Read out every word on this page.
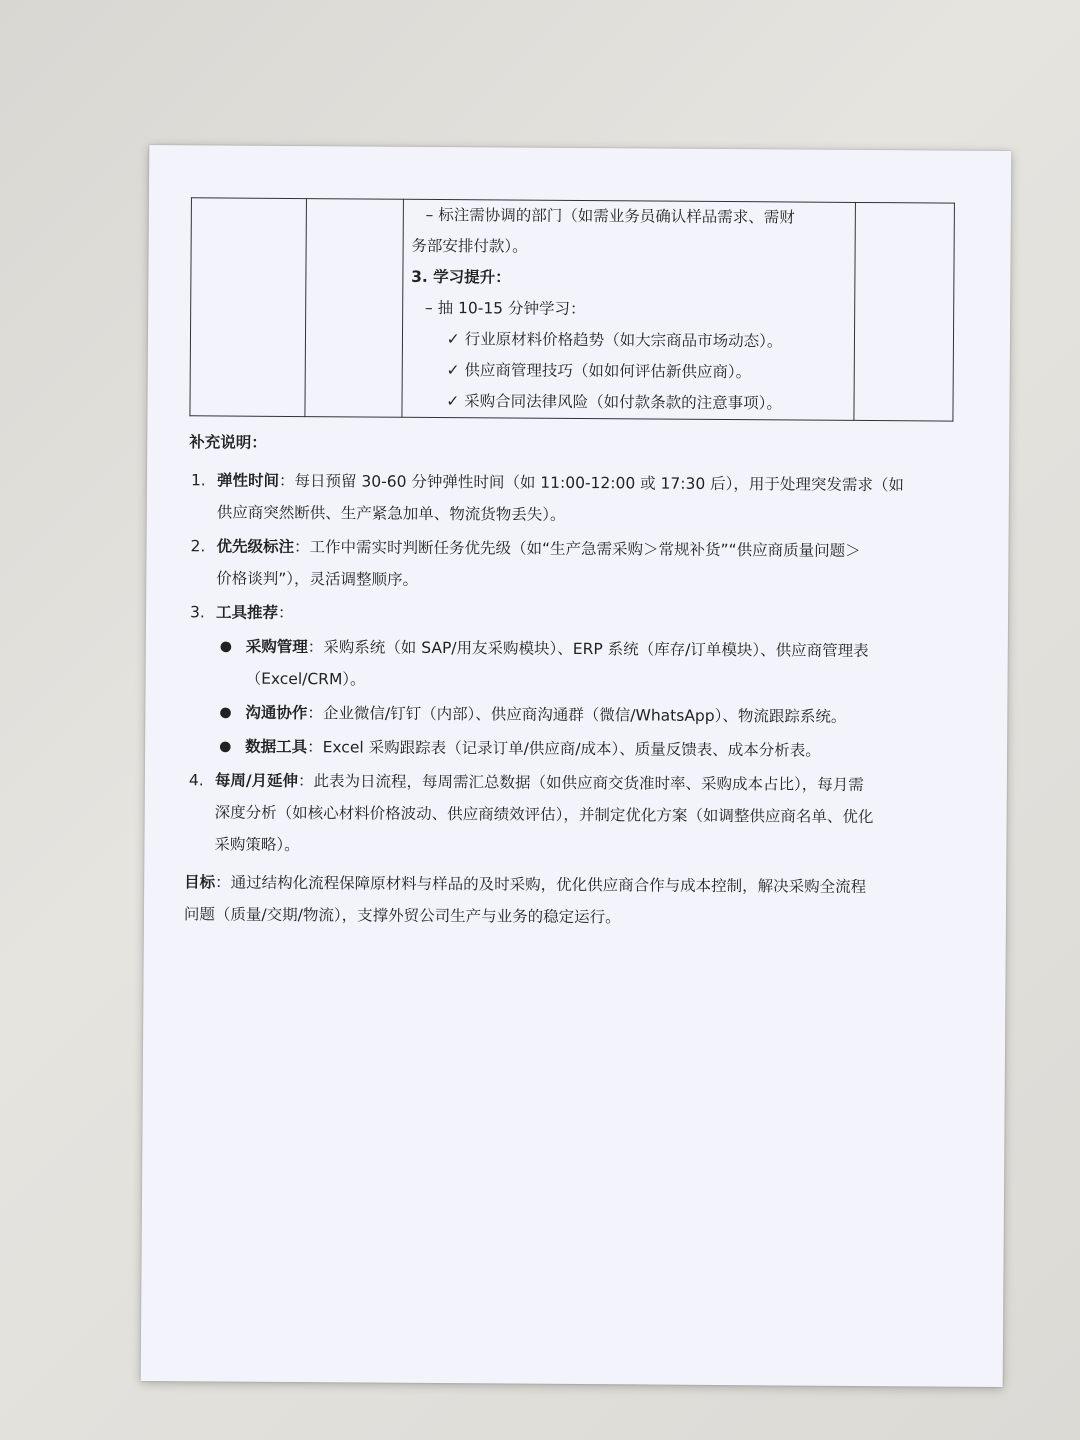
– 标注需协调的部门（如需业务员确认样品需求、需财
务部安排付款）。
3. 学习提升：
– 抽 10-15 分钟学习：
✓ 行业原材料价格趋势（如大宗商品市场动态）。
✓ 供应商管理技巧（如如何评估新供应商）。
✓ 采购合同法律风险（如付款条款的注意事项）。

补充说明：
1. 弹性时间：每日预留 30-60 分钟弹性时间（如 11:00-12:00 或 17:30 后），用于处理突发需求（如
供应商突然断供、生产紧急加单、物流货物丢失）。
2. 优先级标注：工作中需实时判断任务优先级（如“生产急需采购＞常规补货”“供应商质量问题＞
价格谈判”），灵活调整顺序。
3. 工具推荐：
● 采购管理：采购系统（如 SAP/用友采购模块）、ERP 系统（库存/订单模块）、供应商管理表
（Excel/CRM）。
● 沟通协作：企业微信/钉钉（内部）、供应商沟通群（微信/WhatsApp）、物流跟踪系统。
● 数据工具：Excel 采购跟踪表（记录订单/供应商/成本）、质量反馈表、成本分析表。
4. 每周/月延伸：此表为日流程，每周需汇总数据（如供应商交货准时率、采购成本占比），每月需
深度分析（如核心材料价格波动、供应商绩效评估），并制定优化方案（如调整供应商名单、优化
采购策略）。
目标：通过结构化流程保障原材料与样品的及时采购，优化供应商合作与成本控制，解决采购全流程
问题（质量/交期/物流），支撑外贸公司生产与业务的稳定运行。
